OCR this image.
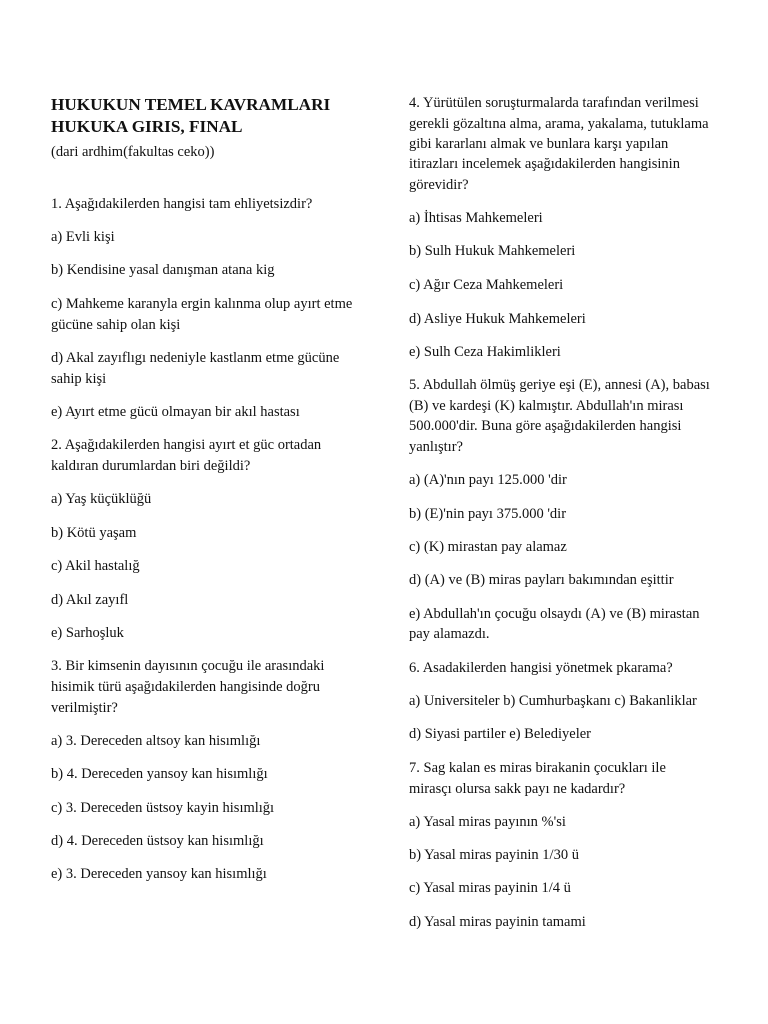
HUKUKUN TEMEL KAVRAMLARI
HUKUKA GIRIS, FINAL
(dari ardhim(fakultas ceko))
1. Aşağıdakilerden hangisi tam ehliyetsizdir?
a) Evli kişi
b) Kendisine yasal danışman atana kig
c) Mahkeme karanyla ergin kalınma olup ayırt etme
gücüne sahip olan kişi
d) Akal zayıflıgı nedeniyle kastlanm etme gücüne
sahip kişi
e) Ayırt etme gücü olmayan bir akıl hastası
2. Aşağıdakilerden hangisi ayırt et güc ortadan
kaldıran durumlardan biri değildi?
a) Yaş küçüklüğü
b) Kötü yaşam
c) Akil hastalığ
d) Akıl zayıfl
e) Sarhoşluk
3. Bir kimsenin dayısının çocuğu ile arasındaki
hisimik türü aşağıdakilerden hangisinde doğru
verilmiştir?
a) 3. Dereceden altsoy kan hisımlığı
b) 4. Dereceden yansoy kan hisımlığı
c) 3. Dereceden üstsoy kayin hisımlığı
d) 4. Dereceden üstsoy kan hisımlığı
e) 3. Dereceden yansoy kan hisımlığı
4. Yürütülen soruşturmalarda tarafından verilmesi
gerekli gözaltına alma, arama, yakalama, tutuklama
gibi kararlanı almak ve bunlara karşı yapılan
itirazları incelemek aşağıdakilerden hangisinin
görevidir?
a) İhtisas Mahkemeleri
b) Sulh Hukuk Mahkemeleri
c) Ağır Ceza Mahkemeleri
d) Asliye Hukuk Mahkemeleri
e) Sulh Ceza Hakimlikleri
5. Abdullah ölmüş geriye eşi (E), annesi (A), babası
(B) ve kardeşi (K) kalmıştır. Abdullah'ın mirası
500.000'dir. Buna göre aşağıdakilerden hangisi
yanlıştır?
a) (A)'nın payı 125.000 'dir
b) (E)'nin payı 375.000 'dir
c) (K) mirastan pay alamaz
d) (A) ve (B) miras payları bakımından eşittir
e) Abdullah'ın çocuğu olsaydı (A) ve (B) mirastan
pay alamazdı.
6. Asadakilerden hangisi yönetmek pkarama?
a) Universiteler b) Cumhurbaşkanı c) Bakanliklar
d) Siyasi partiler e) Belediyeler
7. Sag kalan es miras birakanin çocukları ile
mirasçı olursa sakk payı ne kadardır?
a) Yasal miras payının %'si
b) Yasal miras payinin 1/30 ü
c) Yasal miras payinin 1/4 ü
d) Yasal miras payinin tamami
